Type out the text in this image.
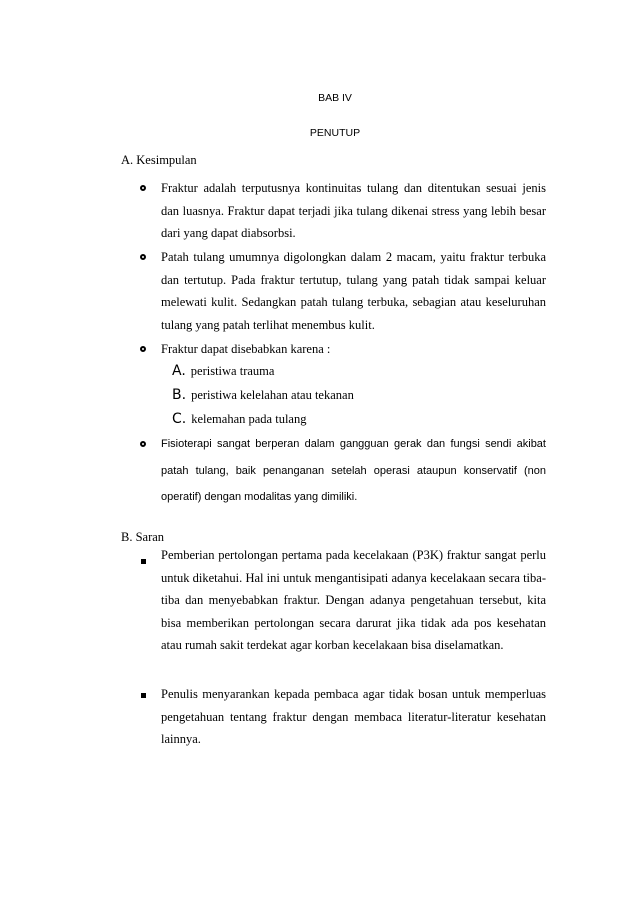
BAB IV
PENUTUP
A. Kesimpulan
Fraktur adalah terputusnya kontinuitas tulang dan ditentukan sesuai jenis dan luasnya. Fraktur dapat terjadi jika tulang dikenai stress yang lebih besar dari yang dapat diabsorbsi.
Patah tulang umumnya digolongkan dalam 2 macam, yaitu fraktur terbuka dan tertutup. Pada fraktur tertutup, tulang yang patah tidak sampai keluar melewati kulit. Sedangkan patah tulang terbuka, sebagian atau keseluruhan tulang yang patah terlihat menembus kulit.
Fraktur dapat disebabkan karena :
A. peristiwa trauma
B. peristiwa kelelahan atau tekanan
C. kelemahan pada tulang
Fisioterapi sangat berperan dalam gangguan gerak dan fungsi sendi akibat patah tulang, baik penanganan setelah operasi ataupun konservatif (non operatif) dengan modalitas yang dimiliki.
B. Saran
Pemberian pertolongan pertama pada kecelakaan (P3K) fraktur sangat perlu untuk diketahui. Hal ini untuk mengantisipati adanya kecelakaan secara tiba-tiba dan menyebabkan fraktur. Dengan adanya pengetahuan tersebut, kita bisa memberikan pertolongan secara darurat jika tidak ada pos kesehatan atau rumah sakit terdekat agar korban kecelakaan bisa diselamatkan.
Penulis menyarankan kepada pembaca agar tidak bosan untuk memperluas pengetahuan tentang fraktur dengan membaca literatur-literatur kesehatan lainnya.
